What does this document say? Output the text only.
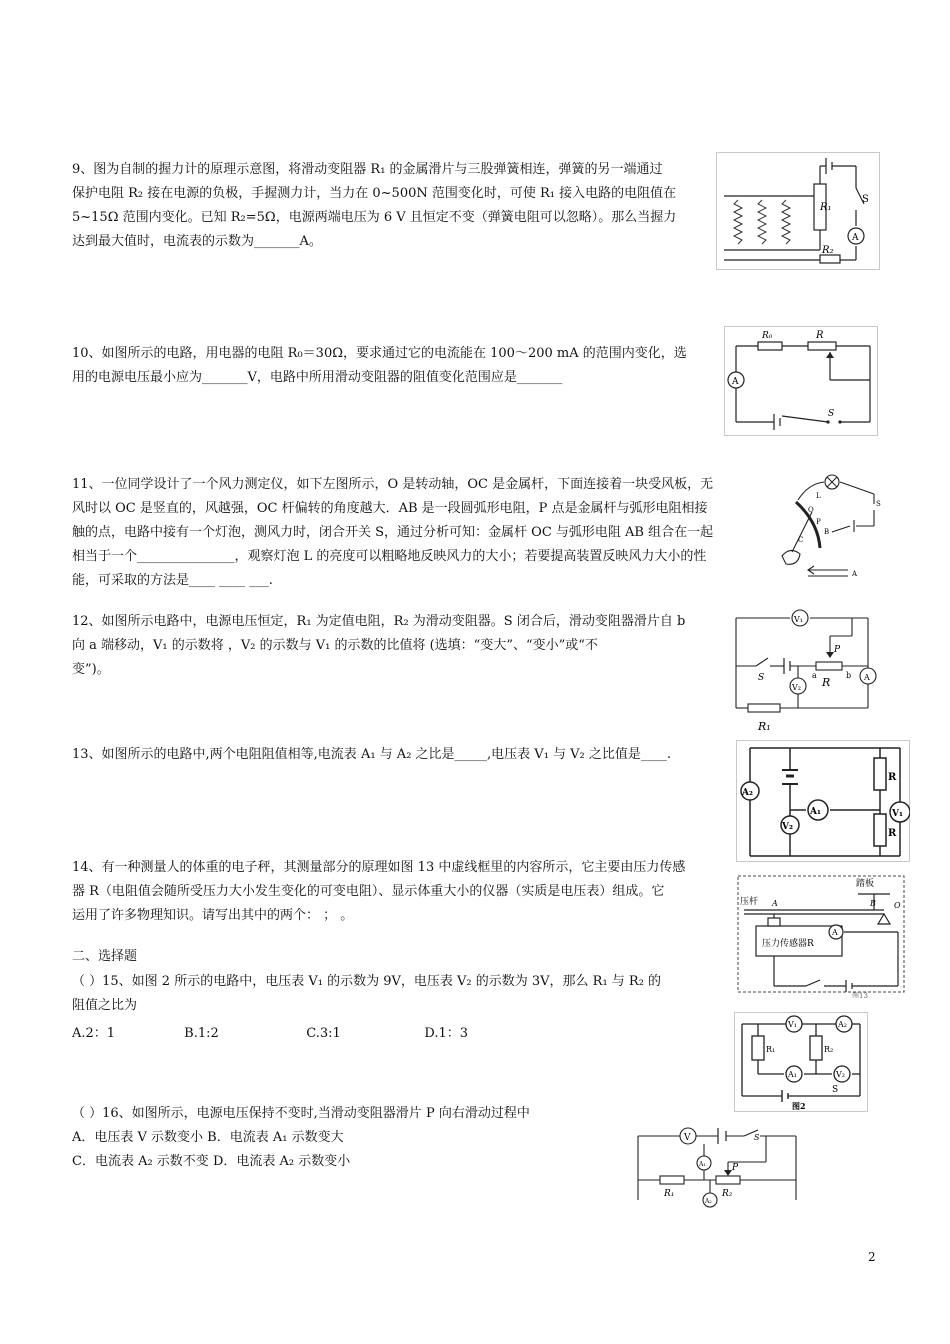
9、图为自制的握力计的原理示意图，将滑动变阻器 R₁ 的金属滑片与三股弹簧相连，弹簧的另一端通过

保护电阻 R₂ 接在电源的负极，手握测力计，当力在 0~500N 范围变化时，可使 R₁ 接入电路的电阻值在

5~15Ω 范围内变化。已知 R₂=5Ω，电源两端电压为 6 V 且恒定不变（弹簧电阻可以忽略）。那么当握力

达到最大值时，电流表的示数为_______A。

R₁
R₂
S
A

10、如图所示的电路，用电器的电阻 R₀＝30Ω，要求通过它的电流能在 100～200 mA 的范围内变化，选

用的电源电压最小应为_______V，电路中所用滑动变阻器的阻值变化范围应是_______

R₀	R
A
S

11、一位同学设计了一个风力测定仪，如下左图所示，O 是转动轴，OC 是金属杆，下面连接着一块受风板，无

风时以 OC 是竖直的，风越强，OC 杆偏转的角度越大．AB 是一段圆弧形电阻，P 点是金属杆与弧形电阻相接

触的点，电路中接有一个灯泡，测风力时，闭合开关 S，通过分析可知：金属杆 OC 与弧形电阻 AB 组合在一起

相当于一个_______________，观察灯泡 L 的亮度可以粗略地反映风力的大小；若要提高装置反映风力大小的性

能，可采取的方法是____ ____ ___.

L
S
P
O
B
C
A

12、如图所示电路中，电源电压恒定，R₁ 为定值电阻，R₂ 为滑动变阻器。S 闭合后，滑动变阻器滑片自 b

向 a 端移动，V₁ 的示数将 ，V₂ 的示数与 V₁ 的示数的比值将 (选填：“变大”、“变小”或“不

变”)。

V₁
V₂
P
R
a	b
S	A
R₁

13、如图所示的电路中,两个电阻阻值相等,电流表 A₁ 与 A₂ 之比是_____,电压表 V₁ 与 V₂ 之比值是____.

A₂
A₁	V₁
V₂
R
R

14、有一种测量人的体重的电子秤，其测量部分的原理如图 13 中虚线框里的内容所示，它主要由压力传感

器 R（电阻值会随所受压力大小发生变化的可变电阻）、显示体重大小的仪器（实质是电压表）组成。它

运用了许多物理知识。请写出其中的两个： ； 。

踏板
压杆
压力传感器R
A	B O
A
图13
二、选择题

（ ）15、如图 2 所示的电路中，电压表 V₁ 的示数为 9V，电压表 V₂ 的示数为 3V，那么 R₁ 与 R₂ 的

阻值之比为

A.2：1	B.1:2	C.3:1	D.1：3

V₁	A₂
R₁	R₂
A₁	V₂
S
图2

（ ）16、如图所示，电源电压保持不变时,当滑动变阻器滑片 P 向右滑动过程中

A．电压表 V 示数变小 B．电流表 A₁ 示数变大

C．电流表 A₂ 示数不变 D．电流表 A₂ 示数变小

V	S
A₁	P
R₁	R₂
A₂
2
